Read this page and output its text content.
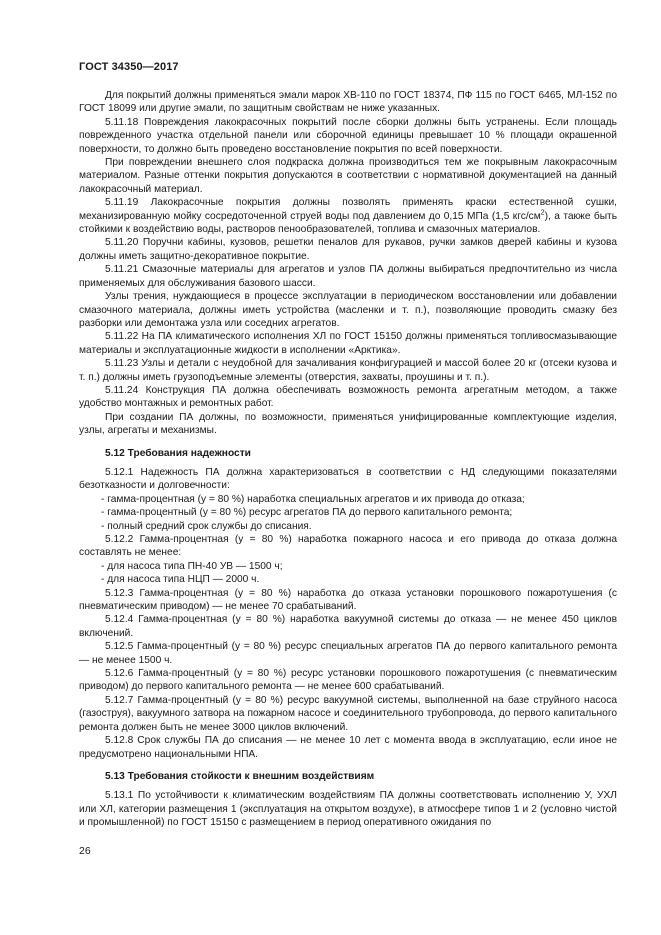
ГОСТ 34350—2017

Для покрытий должны применяться эмали марок ХВ-110 по ГОСТ 18374, ПФ 115 по ГОСТ 6465, МЛ-152 по ГОСТ 18099 или другие эмали, по защитным свойствам не ниже указанных.

5.11.18 Повреждения лакокрасочных покрытий после сборки должны быть устранены. Если площадь поврежденного участка отдельной панели или сборочной единицы превышает 10 % площади окрашенной поверхности, то должно быть проведено восстановление покрытия по всей поверхности.

При повреждении внешнего слоя подкраска должна производиться тем же покрывным лакокрасочным материалом. Разные оттенки покрытия допускаются в соответствии с нормативной документацией на данный лакокрасочный материал.

5.11.19 Лакокрасочные покрытия должны позволять применять краски естественной сушки, механизированную мойку сосредоточенной струей воды под давлением до 0,15 МПа (1,5 кгс/$см^2$), а также быть стойкими к воздействию воды, растворов пенообразователей, топлива и смазочных материалов.

5.11.20 Поручни кабины, кузовов, решетки пеналов для рукавов, ручки замков дверей кабины и кузова должны иметь защитно-декоративное покрытие.

5.11.21 Смазочные материалы для агрегатов и узлов ПА должны выбираться предпочтительно из числа применяемых для обслуживания базового шасси.

Узлы трения, нуждающиеся в процессе эксплуатации в периодическом восстановлении или добавлении смазочного материала, должны иметь устройства (масленки и т. п.), позволяющие проводить смазку без разборки или демонтажа узла или соседних агрегатов.

5.11.22 На ПА климатического исполнения ХЛ по ГОСТ 15150 должны применяться топливосмазывающие материалы и эксплуатационные жидкости в исполнении «Арктика».

5.11.23 Узлы и детали с неудобной для зачаливания конфигурацией и массой более 20 кг (отсеки кузова и т. п.) должны иметь грузоподъемные элементы (отверстия, захваты, проушины и т. п.).

5.11.24 Конструкция ПА должна обеспечивать возможность ремонта агрегатным методом, а также удобство монтажных и ремонтных работ.

При создании ПА должны, по возможности, применяться унифицированные комплектующие изделия, узлы, агрегаты и механизмы.

5.12 Требования надежности

5.12.1 Надежность ПА должна характеризоваться в соответствии с НД следующими показателями безотказности и долговечности:

- гамма-процентная (у = 80 %) наработка специальных агрегатов и их привода до отказа;

- гамма-процентный (у = 80 %) ресурс агрегатов ПА до первого капитального ремонта;

- полный средний срок службы до списания.

5.12.2 Гамма-процентная (у = 80 %) наработка пожарного насоса и его привода до отказа должна составлять не менее:

- для насоса типа ПН-40 УВ — 1500 ч;

- для насоса типа НЦП — 2000 ч.

5.12.3 Гамма-процентная (у = 80 %) наработка до отказа установки порошкового пожаротушения (с пневматическим приводом) — не менее 70 срабатываний.

5.12.4 Гамма-процентная (у = 80 %) наработка вакуумной системы до отказа — не менее 450 циклов включений.

5.12.5 Гамма-процентный (у = 80 %) ресурс специальных агрегатов ПА до первого капитального ремонта — не менее 1500 ч.

5.12.6 Гамма-процентный (у = 80 %) ресурс установки порошкового пожаротушения (с пневматическим приводом) до первого капитального ремонта — не менее 600 срабатываний.

5.12.7 Гамма-процентный (у = 80 %) ресурс вакуумной системы, выполненной на базе струйного насоса (газоструя), вакуумного затвора на пожарном насосе и соединительного трубопровода, до первого капитального ремонта должен быть не менее 3000 циклов включений.

5.12.8 Срок службы ПА до списания — не менее 10 лет с момента ввода в эксплуатацию, если иное не предусмотрено национальными НПА.

5.13 Требования стойкости к внешним воздействиям

5.13.1 По устойчивости к климатическим воздействиям ПА должны соответствовать исполнению У, УХЛ или ХЛ, категории размещения 1 (эксплуатация на открытом воздухе), в атмосфере типов 1 и 2 (условно чистой и промышленной) по ГОСТ 15150 с размещением в период оперативного ожидания по

26
